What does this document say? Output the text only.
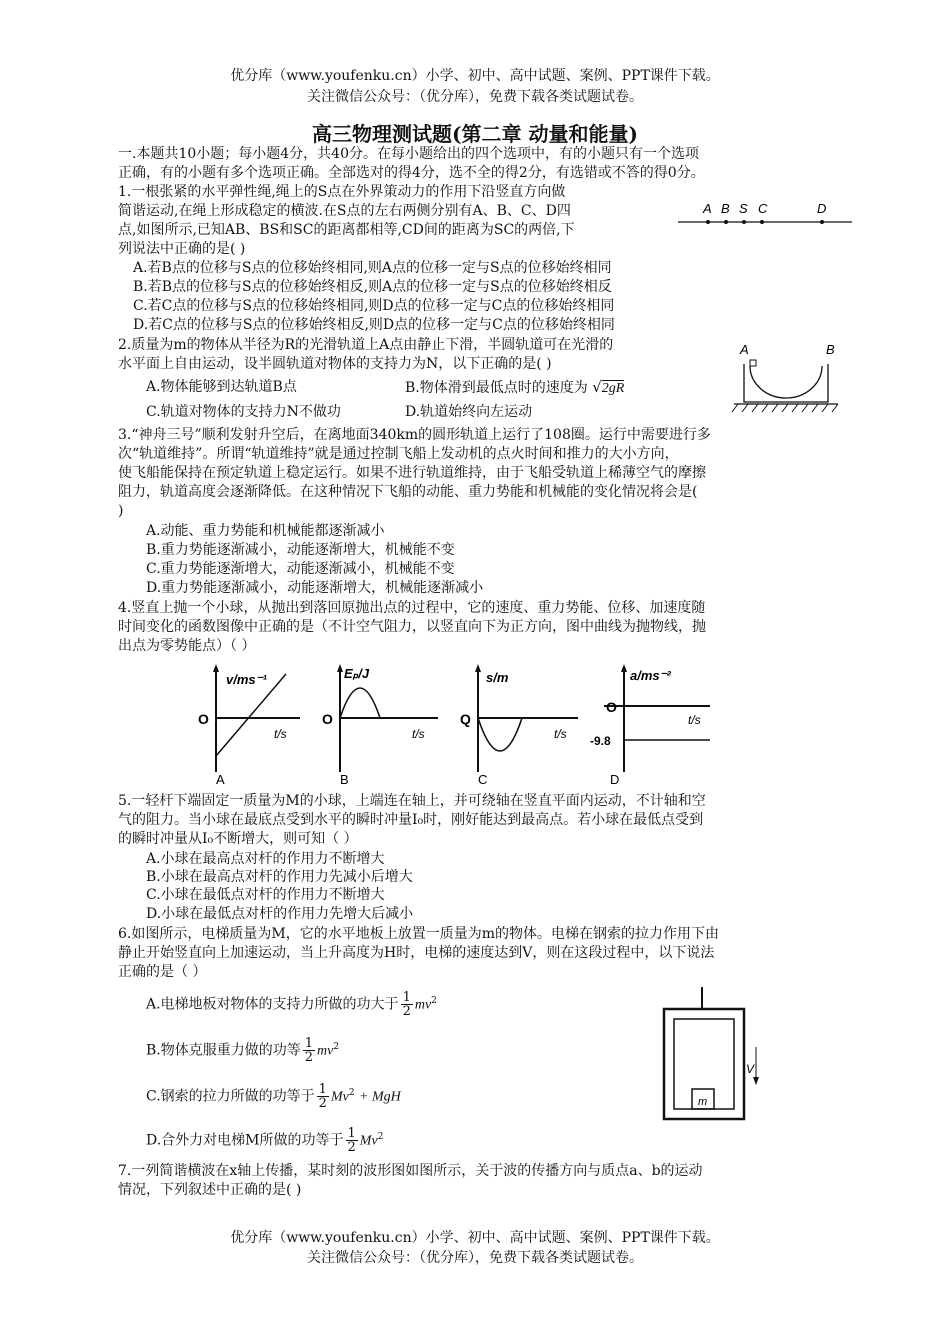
优分库（www.youfenku.cn）小学、初中、高中试题、案例、PPT课件下载。
关注微信公众号：（优分库），免费下载各类试题试卷。
高三物理测试题(第二章 动量和能量)
一.本题共10小题；每小题4分，共40分。在每小题给出的四个选项中，有的小题只有一个选项
正确，有的小题有多个选项正确。全部选对的得4分，选不全的得2分，有选错或不答的得0分。
1.一根张紧的水平弹性绳,绳上的S点在外界策动力的作用下沿竖直方向做
简谐运动,在绳上形成稳定的横波.在S点的左右两侧分别有A、B、C、D四
点,如图所示,已知AB、BS和SC的距离都相等,CD间的距离为SC的两倍,下
列说法中正确的是( )
A.若B点的位移与S点的位移始终相同,则A点的位移一定与S点的位移始终相同
B.若B点的位移与S点的位移始终相反,则A点的位移一定与S点的位移始终相反
C.若C点的位移与S点的位移始终相同,则D点的位移一定与C点的位移始终相同
D.若C点的位移与S点的位移始终相反,则D点的位移一定与C点的位移始终相同
A B S C	D
2.质量为m的物体从半径为R的光滑轨道上A点由静止下滑，半圆轨道可在光滑的
水平面上自由运动，设半圆轨道对物体的支持力为N，以下正确的是( )
A.物体能够到达轨道B点	B.物体滑到最低点时的速度为 √2gR
C.轨道对物体的支持力N不做功	D.轨道始终向左运动
A	B
3.“神舟三号”顺利发射升空后，在离地面340km的圆形轨道上运行了108圈。运行中需要进行多
次“轨道维持”。所谓“轨道维持”就是通过控制飞船上发动机的点火时间和推力的大小方向，
使飞船能保持在预定轨道上稳定运行。如果不进行轨道维持，由于飞船受轨道上稀薄空气的摩擦
阻力，轨道高度会逐渐降低。在这种情况下飞船的动能、重力势能和机械能的变化情况将会是(
)
A.动能、重力势能和机械能都逐渐减小
B.重力势能逐渐减小，动能逐渐增大，机械能不变
C.重力势能逐渐增大，动能逐渐减小，机械能不变
D.重力势能逐渐减小，动能逐渐增大，机械能逐渐减小
4.竖直上抛一个小球，从抛出到落回原抛出点的过程中，它的速度、重力势能、位移、加速度随
时间变化的函数图像中正确的是（不计空气阻力，以竖直向下为正方向，图中曲线为抛物线，抛
出点为零势能点）（ ）
v/ms⁻¹
O
t/s
A
Eₚ/J
O
t/s
B
s/m
Q
t/s
C
a/ms⁻²
O
t/s
-9.8
D
5.一轻杆下端固定一质量为M的小球，上端连在轴上，并可绕轴在竖直平面内运动，不计轴和空
气的阻力。当小球在最底点受到水平的瞬时冲量I₀时，刚好能达到最高点。若小球在最低点受到
的瞬时冲量从I₀不断增大，则可知（ ）
A.小球在最高点对杆的作用力不断增大
B.小球在最高点对杆的作用力先减小后增大
C.小球在最低点对杆的作用力不断增大
D.小球在最低点对杆的作用力先增大后减小
6.如图所示，电梯质量为M，它的水平地板上放置一质量为m的物体。电梯在钢索的拉力作用下由
静止开始竖直向上加速运动，当上升高度为H时，电梯的速度达到V，则在这段过程中，以下说法
正确的是（ ）
A.电梯地板对物体的支持力所做的功大于 $\frac{1}{2} mv^2$
B.物体克服重力做的功等 $\frac{1}{2} mv^2$
C.钢索的拉力所做的功等于 $\frac{1}{2} Mv^2$ + MgH
D.合外力对电梯M所做的功等于 $\frac{1}{2} Mv^2$
m
V
7.一列简谐横波在x轴上传播，某时刻的波形图如图所示，关于波的传播方向与质点a、b的运动
情况，下列叙述中正确的是( )
优分库（www.youfenku.cn）小学、初中、高中试题、案例、PPT课件下载。
关注微信公众号：（优分库），免费下载各类试题试卷。
